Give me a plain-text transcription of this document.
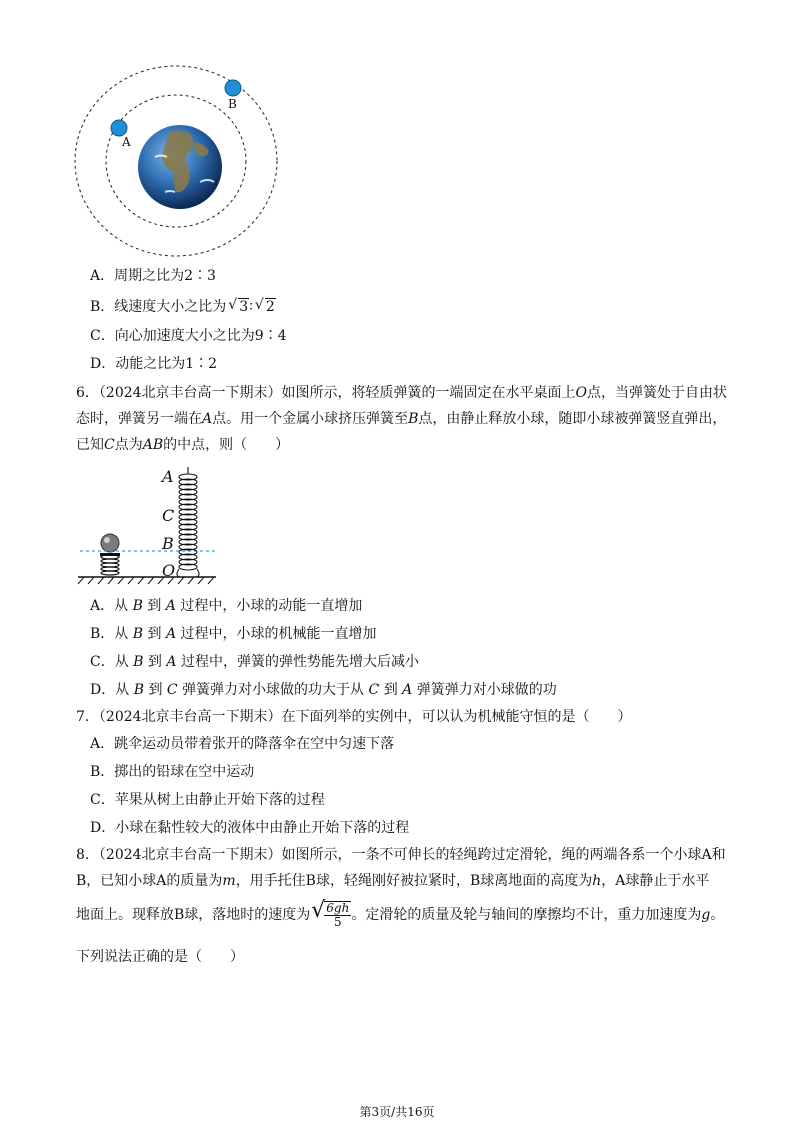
A
B
A．周期之比为2∶3
B．线速度大小之比为 √ 3∶ √ 2
C．向心加速度大小之比为9∶4
D．动能之比为1∶2
6．（2024北京丰台高一下期末）如图所示，将轻质弹簧的一端固定在水平桌面上O点，当弹簧处于自由状
态时，弹簧另一端在A点。用一个金属小球挤压弹簧至B点，由静止释放小球，随即小球被弹簧竖直弹出，
已知C点为AB的中点，则（　　）
A
C
B
O
A．从 B 到 A 过程中，小球的动能一直增加
B．从 B 到 A 过程中，小球的机械能一直增加
C．从 B 到 A 过程中，弹簧的弹性势能先增大后减小
D．从 B 到 C 弹簧弹力对小球做的功大于从 C 到 A 弹簧弹力对小球做的功
7．（2024北京丰台高一下期末）在下面列举的实例中，可以认为机械能守恒的是（　　）
A．跳伞运动员带着张开的降落伞在空中匀速下落
B．掷出的铅球在空中运动
C．苹果从树上由静止开始下落的过程
D．小球在黏性较大的液体中由静止开始下落的过程
8．（2024北京丰台高一下期末）如图所示，一条不可伸长的轻绳跨过定滑轮，绳的两端各系一个小球A和
B，已知小球A的质量为m，用手托住B球，轻绳刚好被拉紧时，B球离地面的高度为h，A球静止于水平
地面上。现释放B球，落地时的速度为 √
$\frac{6gh}{5}$ 。定滑轮的质量及轮与轴间的摩擦均不计，重力加速度为g。
下列说法正确的是（　　）
第3页/共16页
